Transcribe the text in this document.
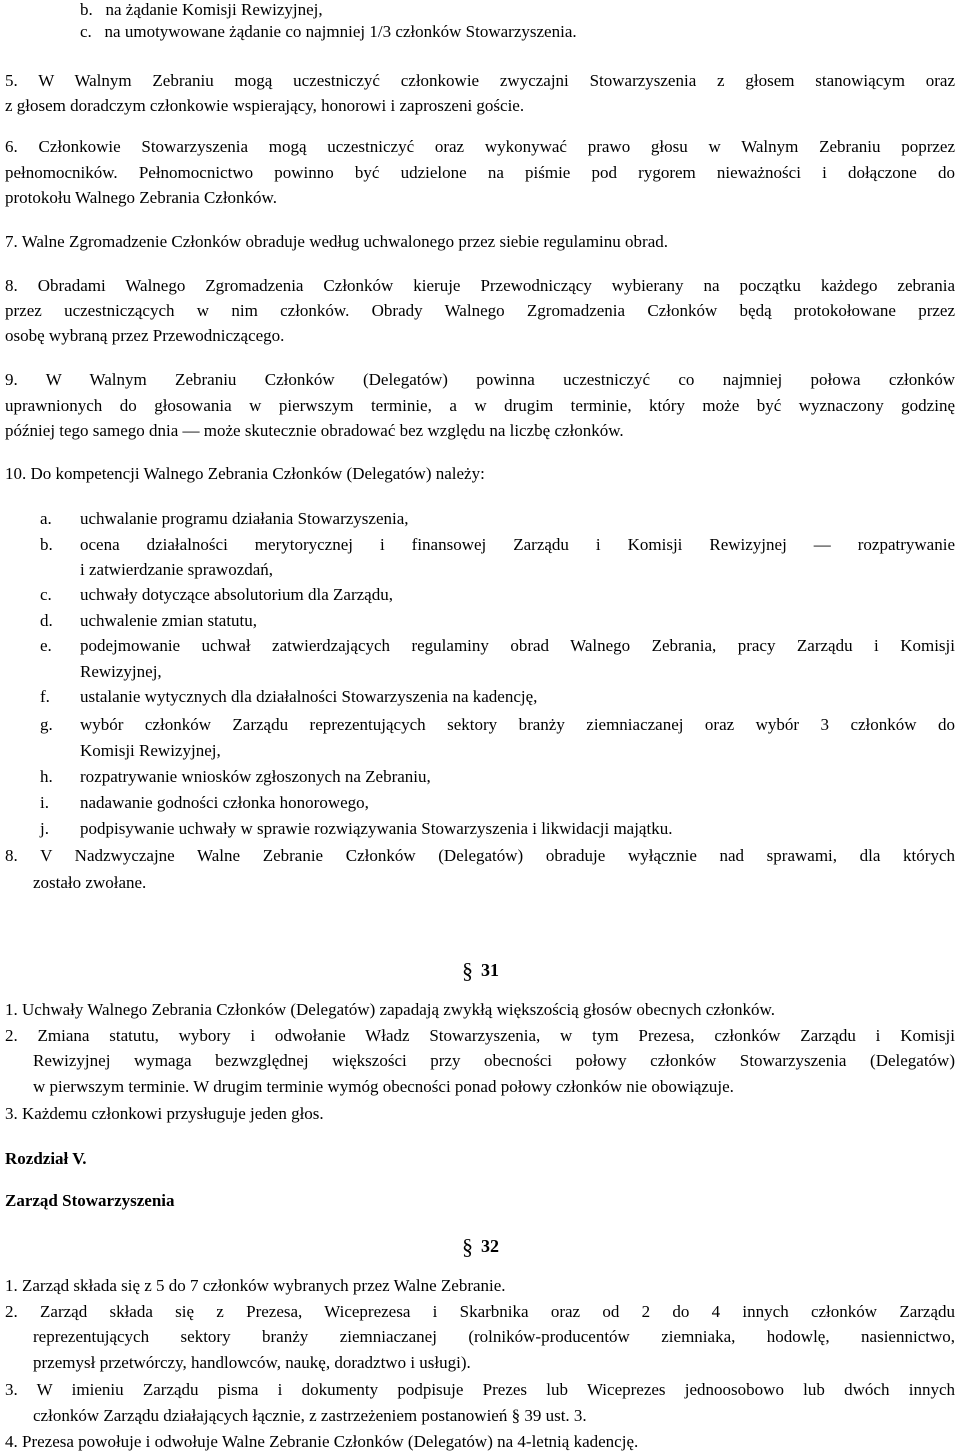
b.   na żądanie Komisji Rewizyjnej,
c.   na umotywowane żądanie co najmniej 1/3 członków Stowarzyszenia.
5. W Walnym Zebraniu mogą uczestniczyć członkowie zwyczajni Stowarzyszenia z głosem stanowiącym oraz
z głosem doradczym członkowie wspierający, honorowi i zaproszeni goście.
6. Członkowie Stowarzyszenia mogą uczestniczyć oraz wykonywać prawo głosu w Walnym Zebraniu poprzez
pełnomocników. Pełnomocnictwo powinno być udzielone na piśmie pod rygorem nieważności i dołączone do
protokołu Walnego Zebrania Członków.
7. Walne Zgromadzenie Członków obraduje według uchwalonego przez siebie regulaminu obrad.
8. Obradami Walnego Zgromadzenia Członków kieruje Przewodniczący wybierany na początku każdego zebrania
przez uczestniczących w nim członków. Obrady Walnego Zgromadzenia Członków będą protokołowane przez
osobę wybraną przez Przewodniczącego.
9. W Walnym Zebraniu Członków (Delegatów) powinna uczestniczyć co najmniej połowa członków
uprawnionych do głosowania w pierwszym terminie, a w drugim terminie, który może być wyznaczony godzinę
później tego samego dnia — może skutecznie obradować bez względu na liczbę członków.
10. Do kompetencji Walnego Zebrania Członków (Delegatów) należy:
a. uchwalanie programu działania Stowarzyszenia,
b. ocena działalności merytorycznej i finansowej Zarządu i Komisji Rewizyjnej — rozpatrywanie
i zatwierdzanie sprawozdań,
c. uchwały dotyczące absolutorium dla Zarządu,
d. uchwalenie zmian statutu,
e. podejmowanie uchwał zatwierdzających regulaminy obrad Walnego Zebrania, pracy Zarządu i Komisji
Rewizyjnej,
f. ustalanie wytycznych dla działalności Stowarzyszenia na kadencję,
g. wybór członków Zarządu reprezentujących sektory branży ziemniaczanej oraz wybór 3 członków do
Komisji Rewizyjnej,
h. rozpatrywanie wniosków zgłoszonych na Zebraniu,
i. nadawanie godności członka honorowego,
j. podpisywanie uchwały w sprawie rozwiązywania Stowarzyszenia i likwidacji majątku.
8. V Nadzwyczajne Walne Zebranie Członków (Delegatów) obraduje wyłącznie nad sprawami, dla których
zostało zwołane.
§ 31
1. Uchwały Walnego Zebrania Członków (Delegatów) zapadają zwykłą większością głosów obecnych członków.
2. Zmiana statutu, wybory i odwołanie Władz Stowarzyszenia, w tym Prezesa, członków Zarządu i Komisji
Rewizyjnej wymaga bezwzględnej większości przy obecności połowy członków Stowarzyszenia (Delegatów)
w pierwszym terminie. W drugim terminie wymóg obecności ponad połowy członków nie obowiązuje.
3. Każdemu członkowi przysługuje jeden głos.
Rozdział V.
Zarząd Stowarzyszenia
§ 32
1. Zarząd składa się z 5 do 7 członków wybranych przez Walne Zebranie.
2. Zarząd składa się z Prezesa, Wiceprezesa i Skarbnika oraz od 2 do 4 innych członków Zarządu
reprezentujących sektory branży ziemniaczanej (rolników-producentów ziemniaka, hodowlę, nasiennictwo,
przemysł przetwórczy, handlowców, naukę, doradztwo i usługi).
3. W imieniu Zarządu pisma i dokumenty podpisuje Prezes lub Wiceprezes jednoosobowo lub dwóch innych
członków Zarządu działających łącznie, z zastrzeżeniem postanowień § 39 ust. 3.
4. Prezesa powołuje i odwołuje Walne Zebranie Członków (Delegatów) na 4-letnią kadencję.
